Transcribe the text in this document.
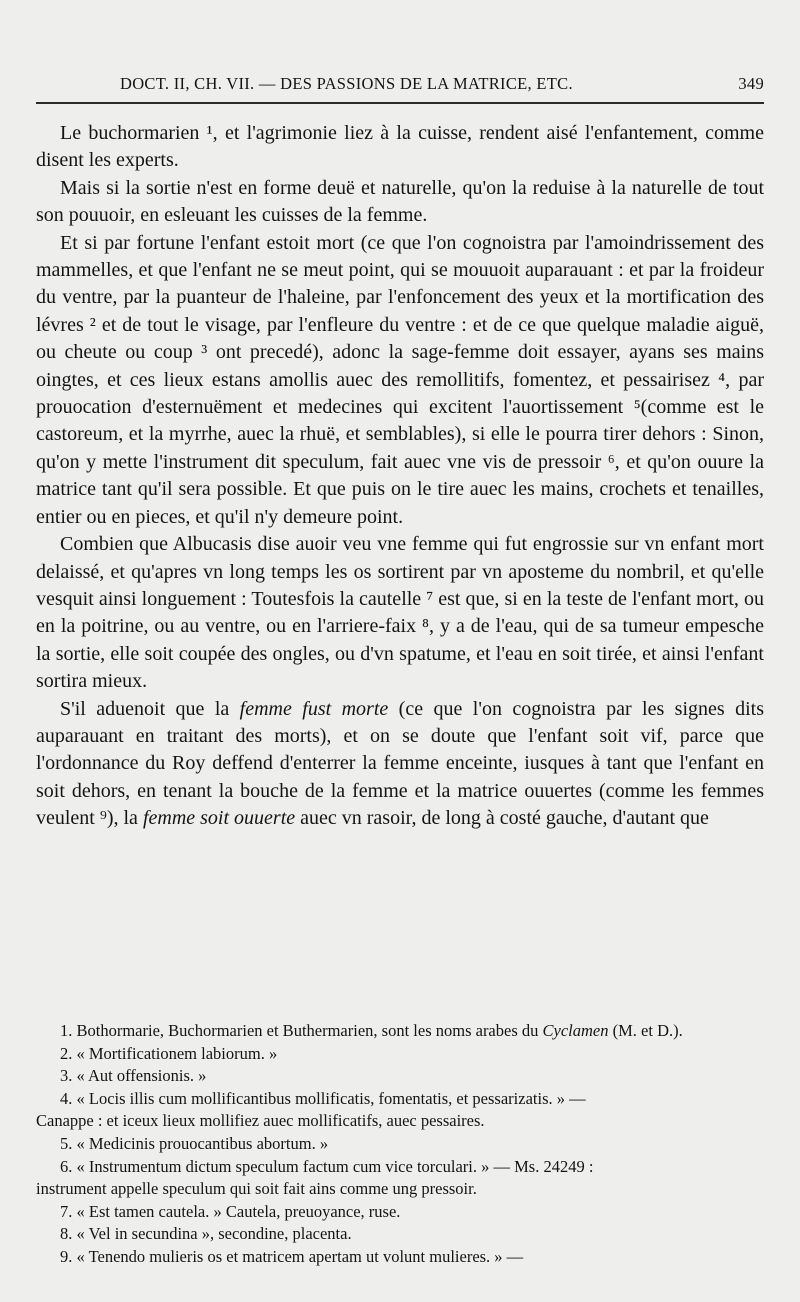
DOCT. II, CH. VII. — DES PASSIONS DE LA MATRICE, ETC.	349

Le buchormarien ¹, et l'agrimonie liez à la cuisse, rendent aisé l'enfantement, comme disent les experts.

Mais si la sortie n'est en forme deuë et naturelle, qu'on la reduise à la naturelle de tout son pouuoir, en esleuant les cuisses de la femme.

Et si par fortune l'enfant estoit mort (ce que l'on cognoistra par l'amoindrissement des mammelles, et que l'enfant ne se meut point, qui se mouuoit auparauant : et par la froideur du ventre, par la puanteur de l'haleine, par l'enfoncement des yeux et la mortification des lévres ² et de tout le visage, par l'enfleure du ventre : et de ce que quelque maladie aiguë, ou cheute ou coup ³ ont precedé), adonc la sage-femme doit essayer, ayans ses mains oingtes, et ces lieux estans amollis auec des remollitifs, fomentez, et pessairisez ⁴, par prouocation d'esternuëment et medecines qui excitent l'auortissement ⁵(comme est le castoreum, et la myrrhe, auec la rhuë, et semblables), si elle le pourra tirer dehors : Sinon, qu'on y mette l'instrument dit speculum, fait auec vne vis de pressoir ⁶, et qu'on ouure la matrice tant qu'il sera possible. Et que puis on le tire auec les mains, crochets et tenailles, entier ou en pieces, et qu'il n'y demeure point.

Combien que Albucasis dise auoir veu vne femme qui fut engrossie sur vn enfant mort delaissé, et qu'apres vn long temps les os sortirent par vn aposteme du nombril, et qu'elle vesquit ainsi longuement : Toutesfois la cautelle ⁷ est que, si en la teste de l'enfant mort, ou en la poitrine, ou au ventre, ou en l'arriere-faix ⁸, y a de l'eau, qui de sa tumeur empesche la sortie, elle soit coupée des ongles, ou d'vn spatume, et l'eau en soit tirée, et ainsi l'enfant sortira mieux.

S'il aduenoit que la femme fust morte (ce que l'on cognoistra par les signes dits auparauant en traitant des morts), et on se doute que l'enfant soit vif, parce que l'ordonnance du Roy deffend d'enterrer la femme enceinte, iusques à tant que l'enfant en soit dehors, en tenant la bouche de la femme et la matrice ouuertes (comme les femmes veulent ⁹), la femme soit ouuerte auec vn rasoir, de long à costé gauche, d'autant que

1. Bothormarie, Buchormarien et Buthermarien, sont les noms arabes du Cyclamen (M. et D.).

2. « Mortificationem labiorum. »

3. « Aut offensionis. »

4. « Locis illis cum mollificantibus mollificatis, fomentatis, et pessarizatis. » —

Canappe : et iceux lieux mollifiez auec mollificatifs, auec pessaires.

5. « Medicinis prouocantibus abortum. »

6. « Instrumentum dictum speculum factum cum vice torculari. » — Ms. 24249 :

instrument appelle speculum qui soit fait ains comme ung pressoir.

7. « Est tamen cautela. » Cautela, preuoyance, ruse.

8. « Vel in secundina », secondine, placenta.

9. « Tenendo mulieris os et matricem apertam ut volunt mulieres. » —
